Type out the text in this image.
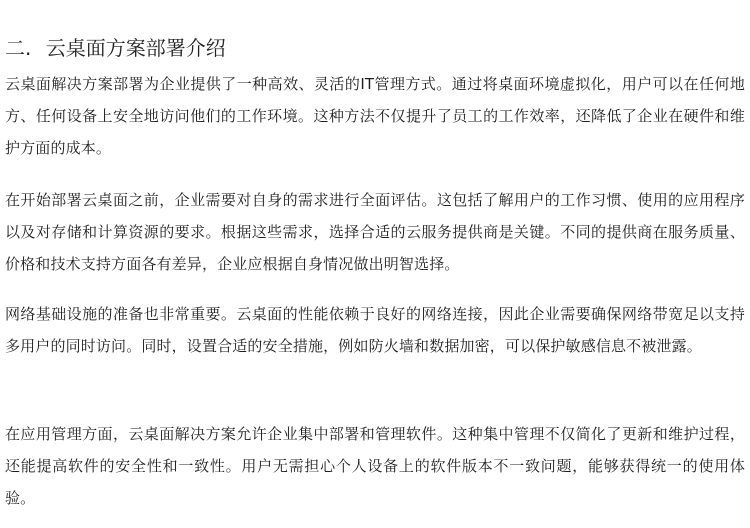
二. 云桌面方案部署介绍

云桌面解决方案部署为企业提供了一种高效、灵活的IT管理方式。通过将桌面环境虚拟化，用户可以在任何地方、任何设备上安全地访问他们的工作环境。这种方法不仅提升了员工的工作效率，还降低了企业在硬件和维护方面的成本。

在开始部署云桌面之前，企业需要对自身的需求进行全面评估。这包括了解用户的工作习惯、使用的应用程序以及对存储和计算资源的要求。根据这些需求，选择合适的云服务提供商是关键。不同的提供商在服务质量、价格和技术支持方面各有差异，企业应根据自身情况做出明智选择。

网络基础设施的准备也非常重要。云桌面的性能依赖于良好的网络连接，因此企业需要确保网络带宽足以支持多用户的同时访问。同时，设置合适的安全措施，例如防火墙和数据加密，可以保护敏感信息不被泄露。

在应用管理方面，云桌面解决方案允许企业集中部署和管理软件。这种集中管理不仅简化了更新和维护过程，还能提高软件的安全性和一致性。用户无需担心个人设备上的软件版本不一致问题，能够获得统一的使用体验。
